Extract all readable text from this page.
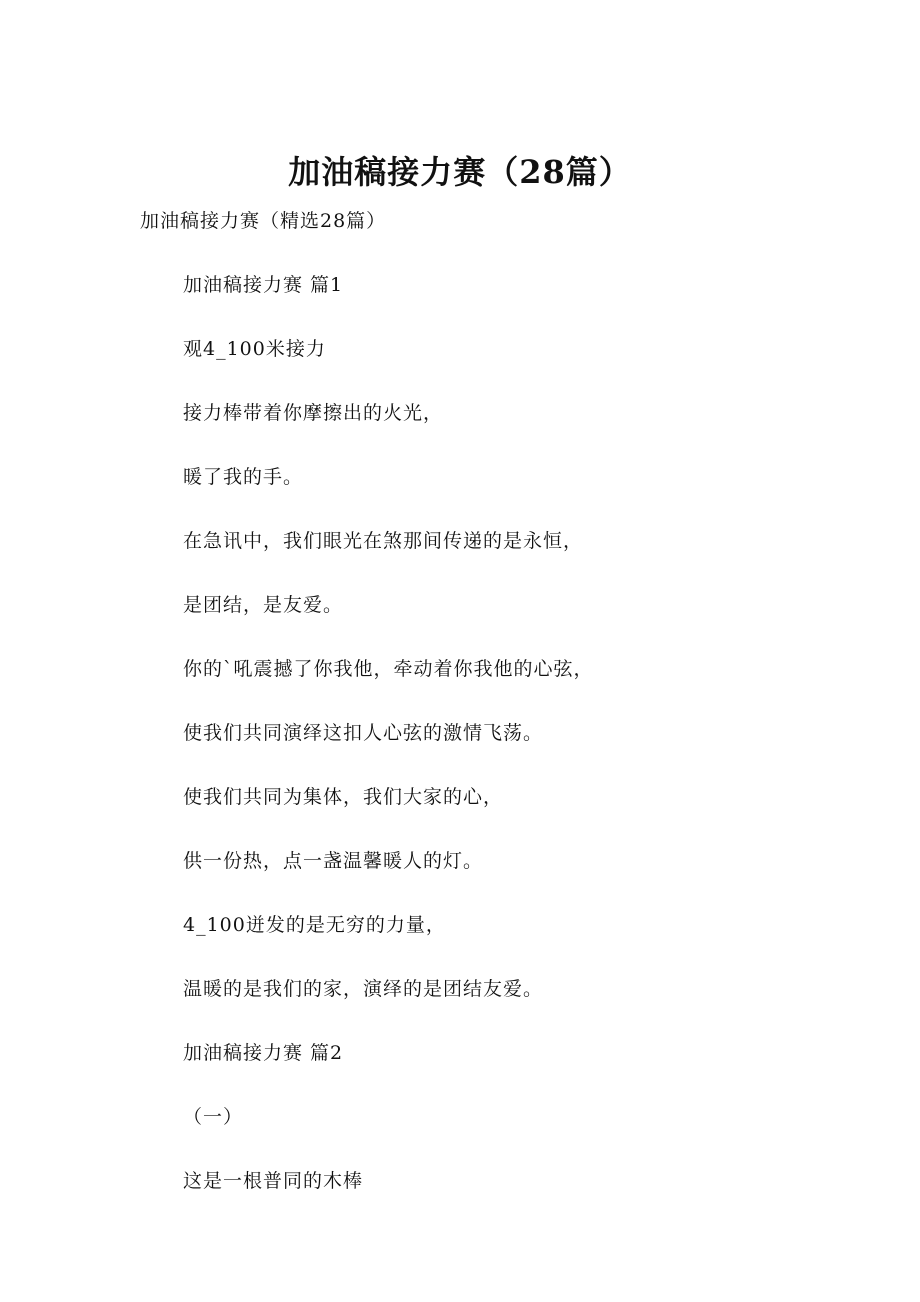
加油稿接力赛（28篇）
加油稿接力赛（精选28篇）
加油稿接力赛 篇1
观4_100米接力
接力棒带着你摩擦出的火光，
暖了我的手。
在急讯中，我们眼光在煞那间传递的是永恒，
是团结，是友爱。
你的`吼震撼了你我他，牵动着你我他的心弦，
使我们共同演绎这扣人心弦的激情飞荡。
使我们共同为集体，我们大家的心，
供一份热，点一盏温馨暖人的灯。
4_100迸发的是无穷的力量，
温暖的是我们的家，演绎的是团结友爱。
加油稿接力赛 篇2
（一）
这是一根普同的木棒
